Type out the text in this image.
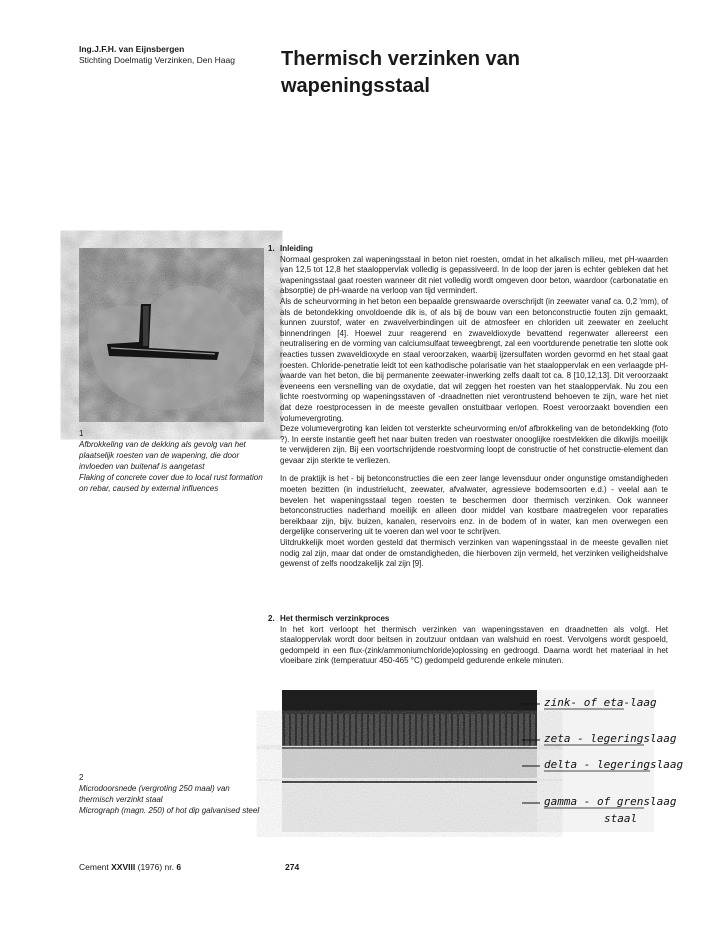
Ing.J.F.H. van Eijnsbergen
Stichting Doelmatig Verzinken, Den Haag Thermisch verzinken van wapeningsstaal
1
Afbrokkeling van de dekking als gevolg van het plaatselijk roesten van de wapening, die door invloeden van buitenaf is aangetast
Flaking of concrete cover due to local rust formation on rebar, caused by external influences
1. Inleiding

Normaal gesproken zal wapeningsstaal in beton niet roesten, omdat in het alkalisch milieu, met pH-waarden van 12,5 tot 12,8 het staaloppervlak volledig is gepassiveerd. In de loop der jaren is echter gebleken dat het wapeningsstaal gaat roesten wanneer dit niet volledig wordt omgeven door beton, waardoor (carbonatatie en absorptie) de pH-waarde na verloop van tijd vermindert.

Als de scheurvorming in het beton een bepaalde grenswaarde overschrijdt (in zeewater vanaf ca. 0,2 'mm), of als de betondekking onvoldoende dik is, of als bij de bouw van een betonconstructie fouten zijn gemaakt, kunnen zuurstof, water en zwavelverbindingen uit de atmosfeer en chloriden uit zeewater en zeelucht binnendringen [4]. Hoewel zuur reagerend en zwaveldioxyde bevattend regenwater allereerst een neutralisering en de vorming van calciumsulfaat teweegbrengt, zal een voortdurende penetratie ten slotte ook reacties tussen zwaveldioxyde en staal veroorzaken, waarbij ijzersulfaten worden gevormd en het staal gaat roesten. Chloride-penetratie leidt tot een kathodische polarisatie van het staaloppervlak en een verlaagde pH-waarde van het beton, die bij permanente zeewater-inwerking zelfs daalt tot ca. 8 [10,12,13]. Dit veroorzaakt eveneens een versnelling van de oxydatie, dat wil zeggen het roesten van het staaloppervlak. Nu zou een lichte roestvorming op wapeningsstaven of -draadnetten niet verontrustend behoeven te zijn, ware het niet dat deze roestprocessen in de meeste gevallen onstuitbaar verlopen. Roest veroorzaakt bovendien een volumevergroting.

Deze volumevergroting kan leiden tot versterkte scheurvorming en/of afbrokkeling van de betondekking (foto ?). In eerste instantie geeft het naar buiten treden van roestwater onooglijke roestvlekken die dikwijls moeilijk te verwijderen zijn. Bij een voortschrijdende roestvorming loopt de constructie of het constructie-element dan gevaar zijn sterkte te verliezen.

In de praktijk is het - bij betonconstructies die een zeer lange levensduur onder ongunstige omstandigheden moeten bezitten (in industrielucht, zeewater, afvalwater, agressieve bodemsoorten e.d.) - veelal aan te bevelen het wapeningsstaal tegen roesten te beschermen door thermisch verzinken. Ook wanneer betonconstructies naderhand moeilijk en alleen door middel van kostbare maatregelen voor reparaties bereikbaar zijn, bijv. buizen, kanalen, reservoirs enz. in de bodem of in water, kan men overwegen een dergelijke conservering uit te voeren dan wel voor te schrijven.

Uitdrukkelijk moet worden gesteld dat thermisch verzinken van wapeningsstaal in de meeste gevallen niet nodig zal zijn, maar dat onder de omstandigheden, die hierboven zijn vermeld, het verzinken veiligheidshalve gewenst of zelfs noodzakelijk zal zijn [9].

2. Het thermisch verzinkproces

In het kort verloopt het thermisch verzinken van wapeningsstaven en draadnetten als volgt. Het staaloppervlak wordt door beitsen in zoutzuur ontdaan van walshuid en roest. Vervolgens wordt gespoeld, gedompeld in een flux-(zink/ammoniumchloride)oplossing en gedroogd. Daarna wordt het materiaal in het vloeibare zink (temperatuur 450-465 °C) gedompeld gedurende enkele minuten.

zink- of eta-laag
zeta - legeringslaag
delta - legeringslaag
gamma - of grenslaag
staal
2
Microdoorsnede (vergroting 250 maal) van thermisch verzinkt staal
Micrograph (magn. 250) of hot dip galvanised steel
Cement XXVIII (1976) nr. 6	274
